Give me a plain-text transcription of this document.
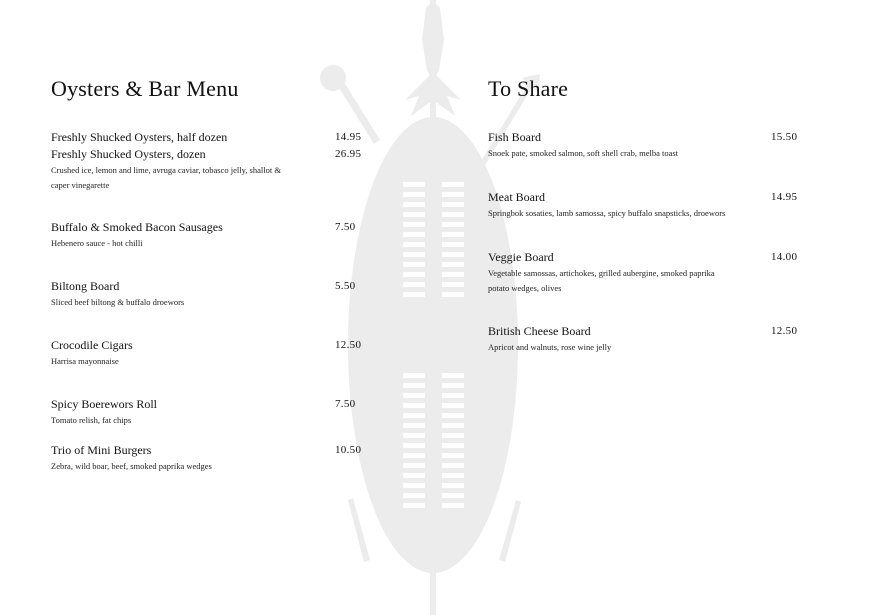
Oysters & Bar Menu
Freshly Shucked Oysters, half dozen	14.95
Freshly Shucked Oysters, dozen	26.95
Crushed ice, lemon and lime, avruga caviar, tobasco jelly, shallot & caper vinegarette
Buffalo & Smoked Bacon Sausages	7.50
Hebenero sauce - hot chilli
Biltong Board	5.50
Sliced beef biltong & buffalo droewors
Crocodile Cigars	12.50
Harrisa mayonnaise
Spicy Boerewors Roll	7.50
Tomato relish, fat chips
Trio of Mini Burgers	10.50
Zebra, wild boar, beef, smoked paprika wedges
To Share
Fish Board	15.50
Snoek pate, smoked salmon, soft shell crab, melba toast
Meat Board	14.95
Springbok sosaties, lamb samossa, spicy buffalo snapsticks, droewors
Veggie Board	14.00
Vegetable samossas, artichokes, grilled aubergine, smoked paprika potato wedges, olives
British Cheese Board	12.50
Apricot and walnuts, rose wine jelly
